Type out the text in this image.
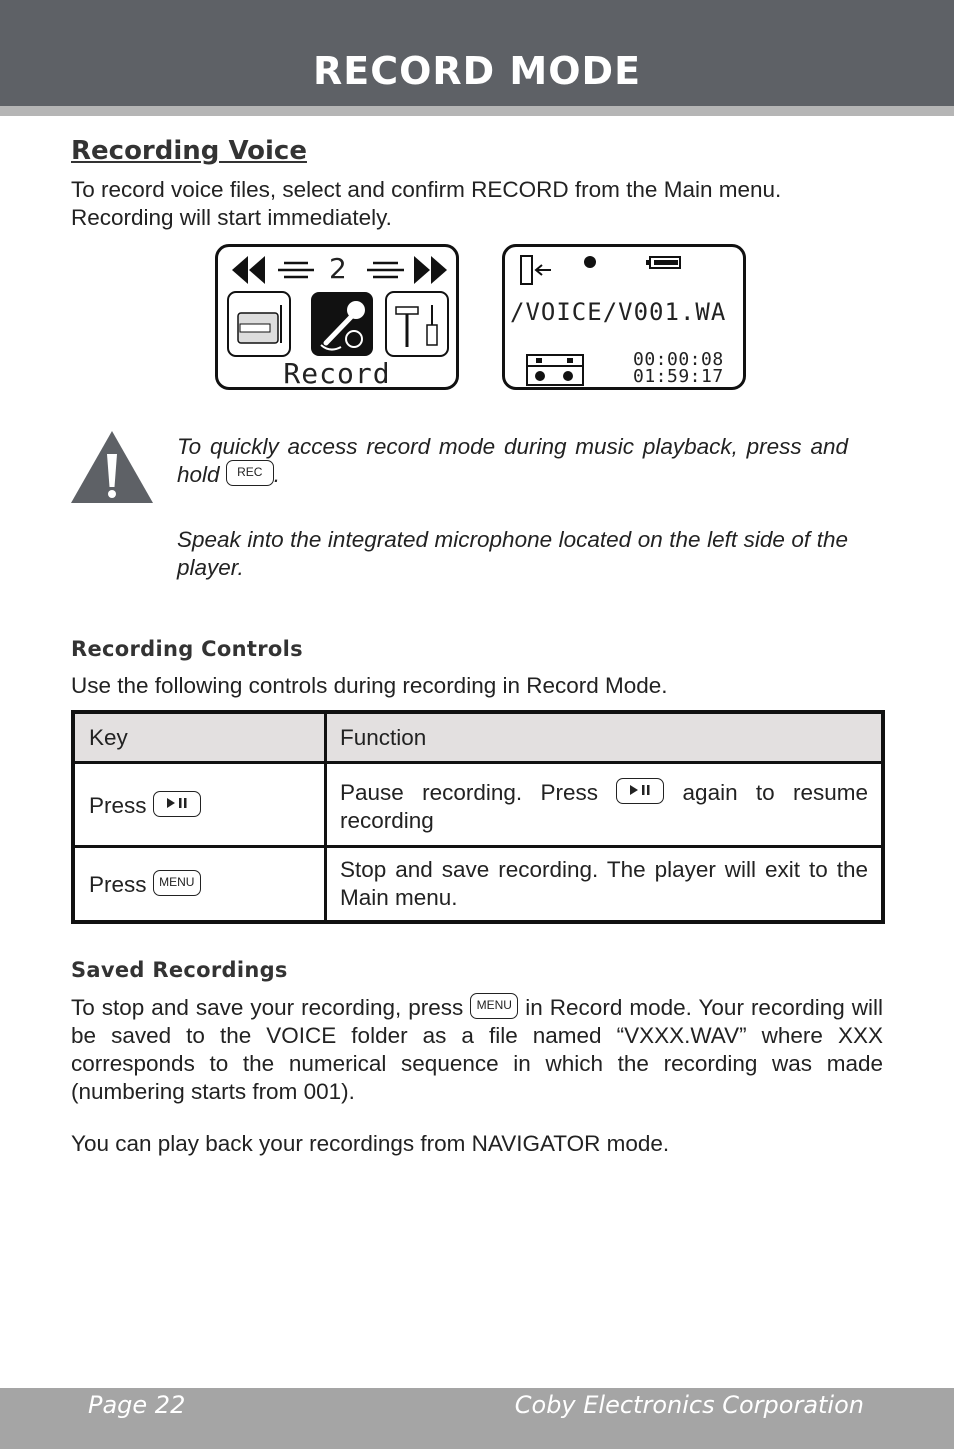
RECORD MODE
Recording Voice
To record voice files, select and confirm RECORD from the Main menu. Recording will start immediately.
2
Record
/VOICE/V001.WA
00:00:08
01:59:17
To quickly access record mode during music playback, press and hold REC .
Speak into the integrated microphone located on the left side of the player.
Recording Controls
Use the following controls during recording in Record Mode.
Key	Function
Press
Pause recording. Press
again to resume recording
Press MENU
Stop and save recording. The player will exit to the Main menu.
Saved Recordings
To stop and save your recording, press MENU in Record mode. Your recording will be saved to the VOICE folder as a file named “VXXX.WAV” where XXX corresponds to the numerical sequence in which the recording was made (numbering starts from 001).
You can play back your recordings from NAVIGATOR mode.
Page 22	Coby Electronics Corporation
